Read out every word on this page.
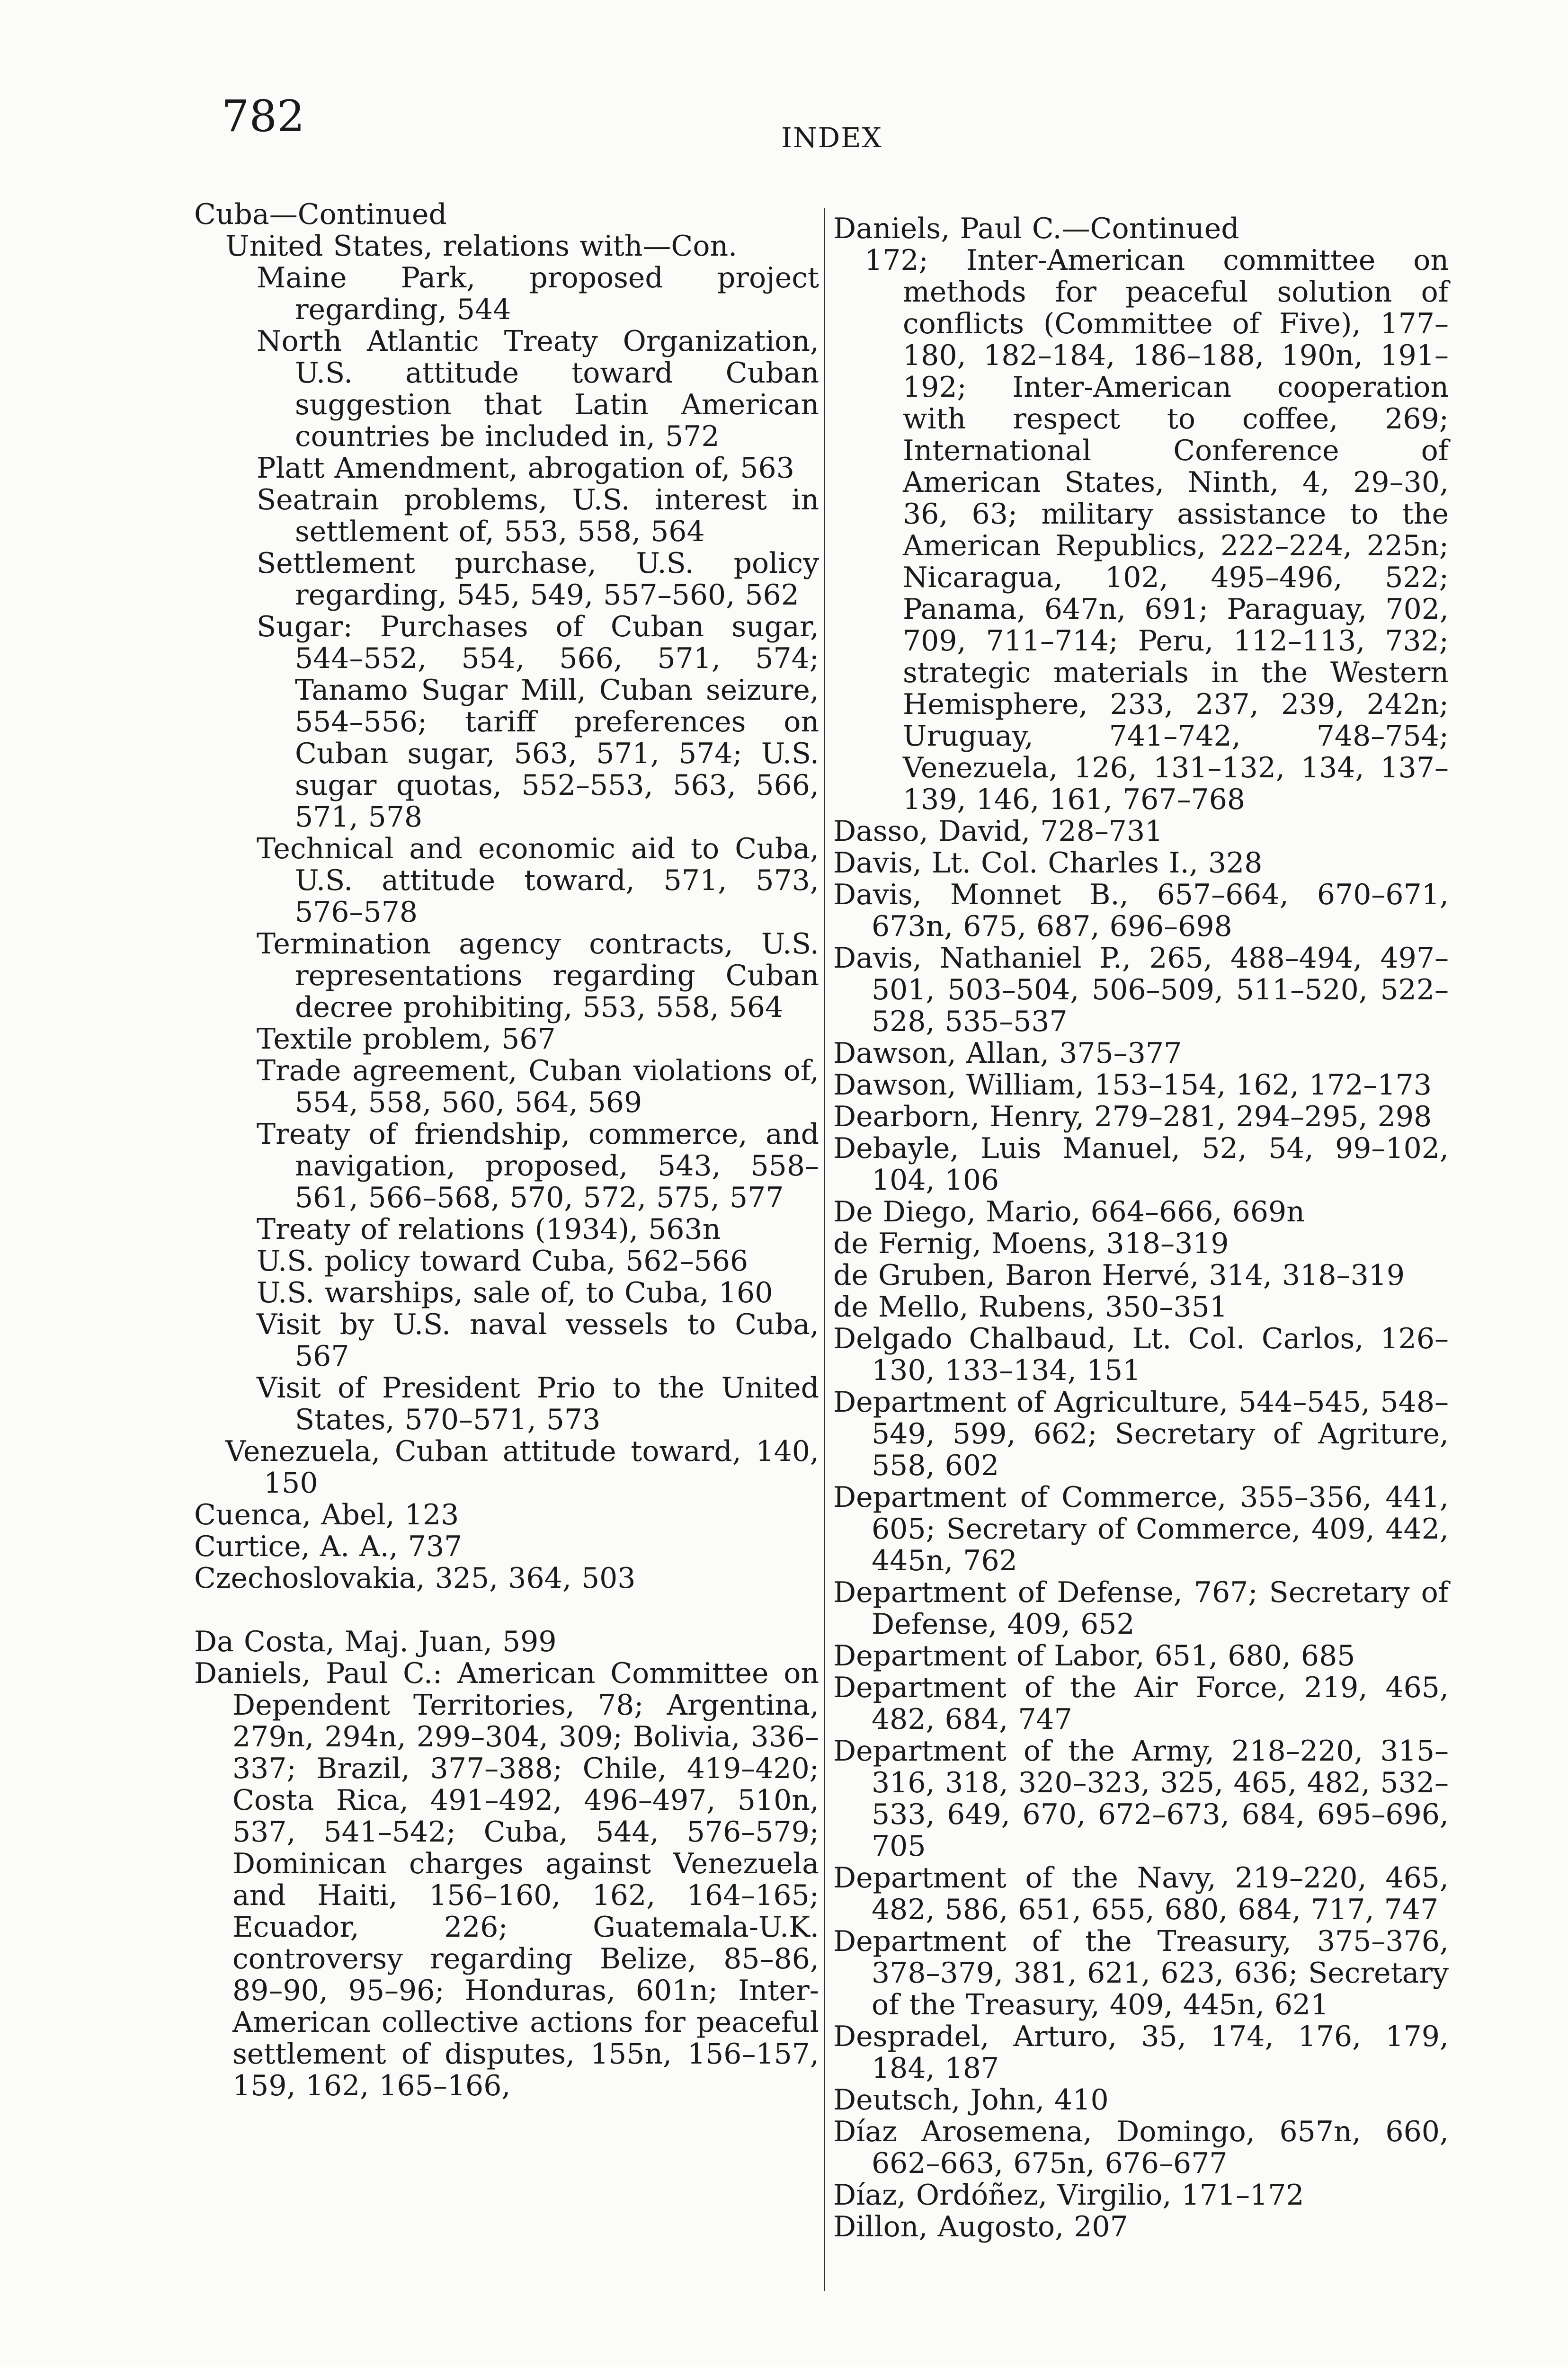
782	INDEX

Cuba—Continued

United States, relations with—Con.

Maine Park, proposed project regarding, 544

North Atlantic Treaty Organization, U.S. attitude toward Cuban suggestion that Latin American countries be included in, 572

Platt Amendment, abrogation of, 563

Seatrain problems, U.S. interest in settlement of, 553, 558, 564

Settlement purchase, U.S. policy regarding, 545, 549, 557–560, 562

Sugar: Purchases of Cuban sugar, 544–552, 554, 566, 571, 574; Tanamo Sugar Mill, Cuban seizure, 554–556; tariff preferences on Cuban sugar, 563, 571, 574; U.S. sugar quotas, 552–553, 563, 566, 571, 578

Technical and economic aid to Cuba, U.S. attitude toward, 571, 573, 576–578

Termination agency contracts, U.S. representations regarding Cuban decree prohibiting, 553, 558, 564

Textile problem, 567

Trade agreement, Cuban violations of, 554, 558, 560, 564, 569

Treaty of friendship, commerce, and navigation, proposed, 543, 558–561, 566–568, 570, 572, 575, 577

Treaty of relations (1934), 563n

U.S. policy toward Cuba, 562–566

U.S. warships, sale of, to Cuba, 160

Visit by U.S. naval vessels to Cuba, 567

Visit of President Prio to the United States, 570–571, 573

Venezuela, Cuban attitude toward, 140, 150

Cuenca, Abel, 123

Curtice, A. A., 737

Czechoslovakia, 325, 364, 503

Da Costa, Maj. Juan, 599

Daniels, Paul C.: American Committee on Dependent Territories, 78; Argentina, 279n, 294n, 299–304, 309; Bolivia, 336–337; Brazil, 377–388; Chile, 419–420; Costa Rica, 491–492, 496–497, 510n, 537, 541–542; Cuba, 544, 576–579; Dominican charges against Venezuela and Haiti, 156–160, 162, 164–165; Ecuador, 226; Guatemala-U.K. controversy regarding Belize, 85–86, 89–90, 95–96; Honduras, 601n; Inter-American collective actions for peaceful settlement of disputes, 155n, 156–157, 159, 162, 165–166,

Daniels, Paul C.—Continued

172; Inter-American committee on methods for peaceful solution of conflicts (Committee of Five), 177–180, 182–184, 186–188, 190n, 191–192; Inter-American cooperation with respect to coffee, 269; International Conference of American States, Ninth, 4, 29–30, 36, 63; military assistance to the American Republics, 222–224, 225n; Nicaragua, 102, 495–496, 522; Panama, 647n, 691; Paraguay, 702, 709, 711–714; Peru, 112–113, 732; strategic materials in the Western Hemisphere, 233, 237, 239, 242n; Uruguay, 741–742, 748–754; Venezuela, 126, 131–132, 134, 137–139, 146, 161, 767–768

Dasso, David, 728–731

Davis, Lt. Col. Charles I., 328

Davis, Monnet B., 657–664, 670–671, 673n, 675, 687, 696–698

Davis, Nathaniel P., 265, 488–494, 497–501, 503–504, 506–509, 511–520, 522–528, 535–537

Dawson, Allan, 375–377

Dawson, William, 153–154, 162, 172–173

Dearborn, Henry, 279–281, 294–295, 298

Debayle, Luis Manuel, 52, 54, 99–102, 104, 106

De Diego, Mario, 664–666, 669n

de Fernig, Moens, 318–319

de Gruben, Baron Hervé, 314, 318–319

de Mello, Rubens, 350–351

Delgado Chalbaud, Lt. Col. Carlos, 126–130, 133–134, 151

Department of Agriculture, 544–545, 548–549, 599, 662; Secretary of Agriture, 558, 602

Department of Commerce, 355–356, 441, 605; Secretary of Commerce, 409, 442, 445n, 762

Department of Defense, 767; Secretary of Defense, 409, 652

Department of Labor, 651, 680, 685

Department of the Air Force, 219, 465, 482, 684, 747

Department of the Army, 218–220, 315–316, 318, 320–323, 325, 465, 482, 532–533, 649, 670, 672–673, 684, 695–696, 705

Department of the Navy, 219–220, 465, 482, 586, 651, 655, 680, 684, 717, 747

Department of the Treasury, 375–376, 378–379, 381, 621, 623, 636; Secretary of the Treasury, 409, 445n, 621

Despradel, Arturo, 35, 174, 176, 179, 184, 187

Deutsch, John, 410

Díaz Arosemena, Domingo, 657n, 660, 662–663, 675n, 676–677

Díaz, Ordóñez, Virgilio, 171–172

Dillon, Augosto, 207
